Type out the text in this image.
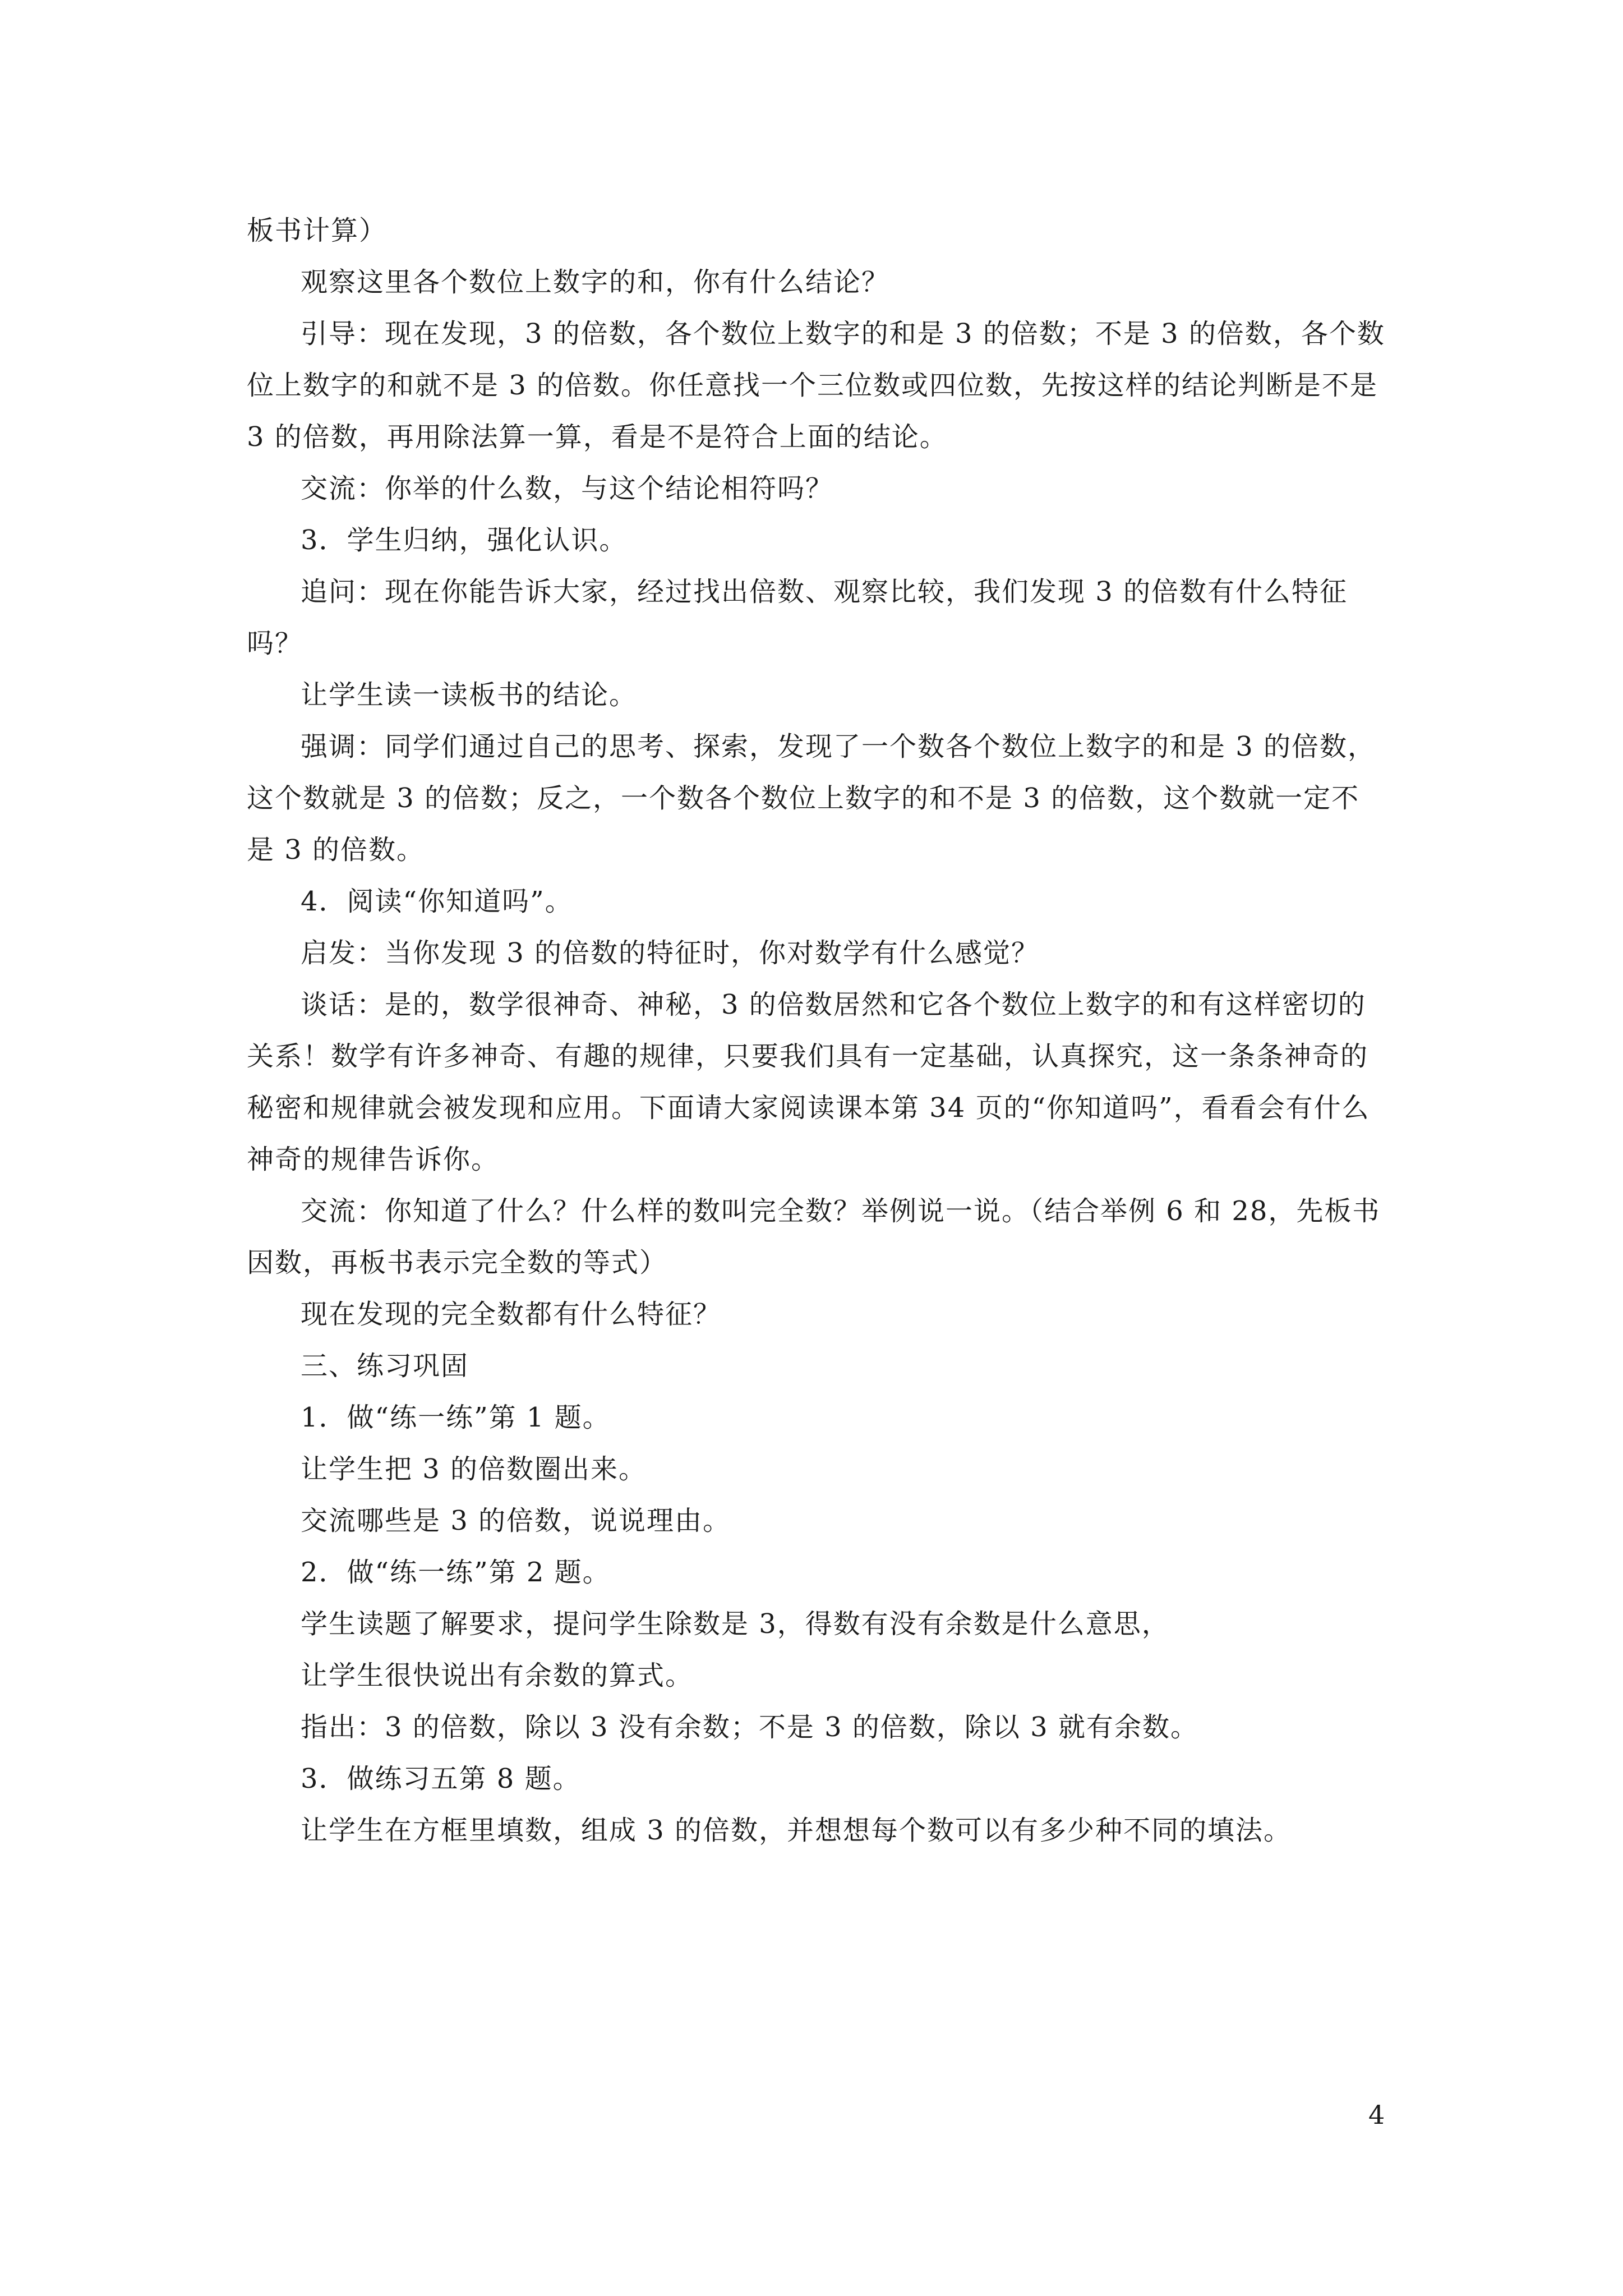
板书计算）

观察这里各个数位上数字的和，你有什么结论？

引导：现在发现，3 的倍数，各个数位上数字的和是 3 的倍数；不是 3 的倍数，各个数位上数字的和就不是 3 的倍数。你任意找一个三位数或四位数，先按这样的结论判断是不是 3 的倍数，再用除法算一算，看是不是符合上面的结论。

交流：你举的什么数，与这个结论相符吗？

3．学生归纳，强化认识。

追问：现在你能告诉大家，经过找出倍数、观察比较，我们发现 3 的倍数有什么特征吗？

让学生读一读板书的结论。

强调：同学们通过自己的思考、探索，发现了一个数各个数位上数字的和是 3 的倍数，这个数就是 3 的倍数；反之，一个数各个数位上数字的和不是 3 的倍数，这个数就一定不是 3 的倍数。

4．阅读“你知道吗”。

启发：当你发现 3 的倍数的特征时，你对数学有什么感觉？

谈话：是的，数学很神奇、神秘，3 的倍数居然和它各个数位上数字的和有这样密切的关系！数学有许多神奇、有趣的规律，只要我们具有一定基础，认真探究，这一条条神奇的秘密和规律就会被发现和应用。下面请大家阅读课本第 34 页的“你知道吗”，看看会有什么神奇的规律告诉你。

交流：你知道了什么？什么样的数叫完全数？举例说一说。（结合举例 6 和 28，先板书因数，再板书表示完全数的等式）

现在发现的完全数都有什么特征？

三、练习巩固

1．做“练一练”第 1 题。

让学生把 3 的倍数圈出来。

交流哪些是 3 的倍数，说说理由。

2．做“练一练”第 2 题。

学生读题了解要求，提问学生除数是 3，得数有没有余数是什么意思，

让学生很快说出有余数的算式。

指出：3 的倍数，除以 3 没有余数；不是 3 的倍数，除以 3 就有余数。

3．做练习五第 8 题。

让学生在方框里填数，组成 3 的倍数，并想想每个数可以有多少种不同的填法。

4
